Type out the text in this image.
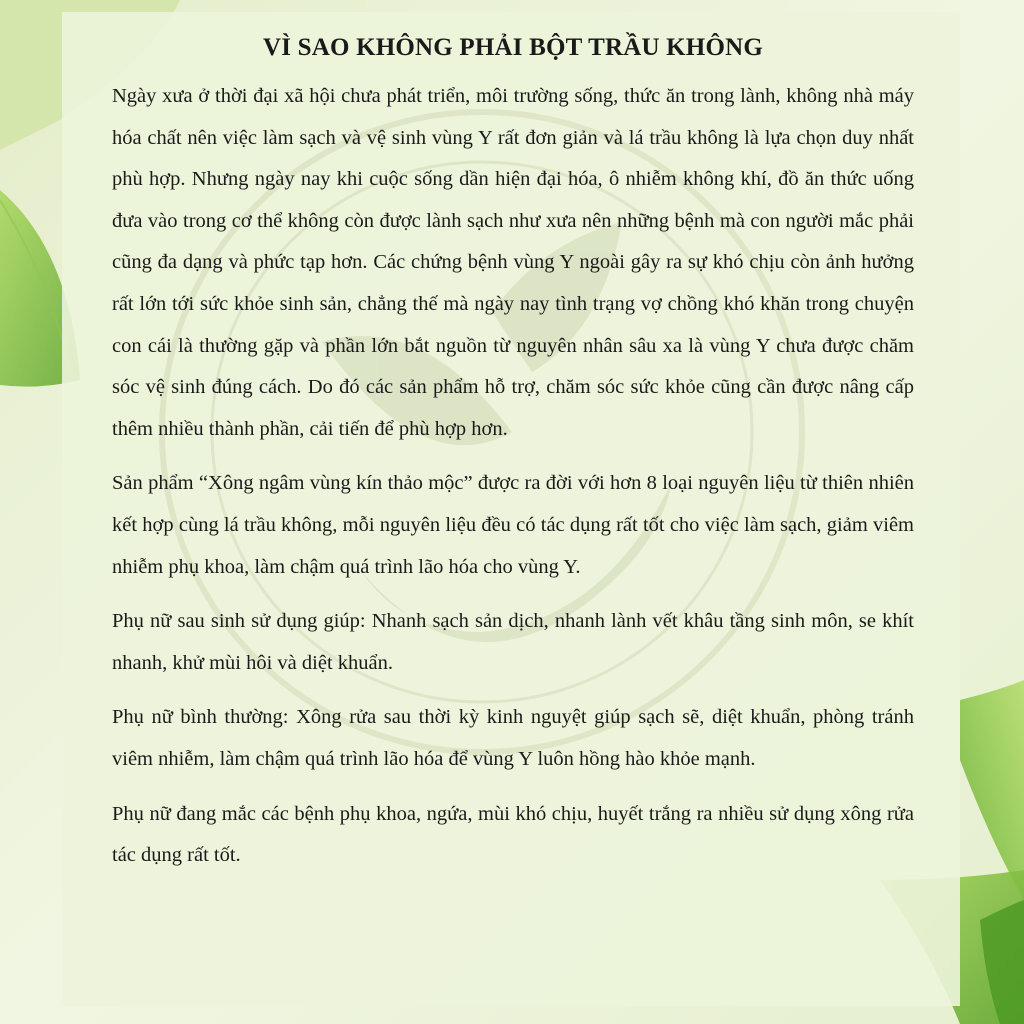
VÌ SAO KHÔNG PHẢI BỘT TRẦU KHÔNG

Ngày xưa ở thời đại xã hội chưa phát triển, môi trường sống, thức ăn trong lành, không nhà máy hóa chất nên việc làm sạch và vệ sinh vùng Y rất đơn giản và lá trầu không là lựa chọn duy nhất phù hợp. Nhưng ngày nay khi cuộc sống dần hiện đại hóa, ô nhiễm không khí, đồ ăn thức uống đưa vào trong cơ thể không còn được lành sạch như xưa nên những bệnh mà con người mắc phải cũng đa dạng và phức tạp hơn. Các chứng bệnh vùng Y ngoài gây ra sự khó chịu còn ảnh hưởng rất lớn tới sức khỏe sinh sản, chẳng thế mà ngày nay tình trạng vợ chồng khó khăn trong chuyện con cái là thường gặp và phần lớn bắt nguồn từ nguyên nhân sâu xa là vùng Y chưa được chăm sóc vệ sinh đúng cách. Do đó các sản phẩm hỗ trợ, chăm sóc sức khỏe cũng cần được nâng cấp thêm nhiều thành phần, cải tiến để phù hợp hơn.

Sản phẩm “Xông ngâm vùng kín thảo mộc” được ra đời với hơn 8 loại nguyên liệu từ thiên nhiên kết hợp cùng lá trầu không, mỗi nguyên liệu đều có tác dụng rất tốt cho việc làm sạch, giảm viêm nhiễm phụ khoa, làm chậm quá trình lão hóa cho vùng Y.

Phụ nữ sau sinh sử dụng giúp: Nhanh sạch sản dịch, nhanh lành vết khâu tầng sinh môn, se khít nhanh, khử mùi hôi và diệt khuẩn.

Phụ nữ bình thường: Xông rửa sau thời kỳ kinh nguyệt giúp sạch sẽ, diệt khuẩn, phòng tránh viêm nhiễm, làm chậm quá trình lão hóa để vùng Y luôn hồng hào khỏe mạnh.

Phụ nữ đang mắc các bệnh phụ khoa, ngứa, mùi khó chịu, huyết trắng ra nhiều sử dụng xông rửa tác dụng rất tốt.
